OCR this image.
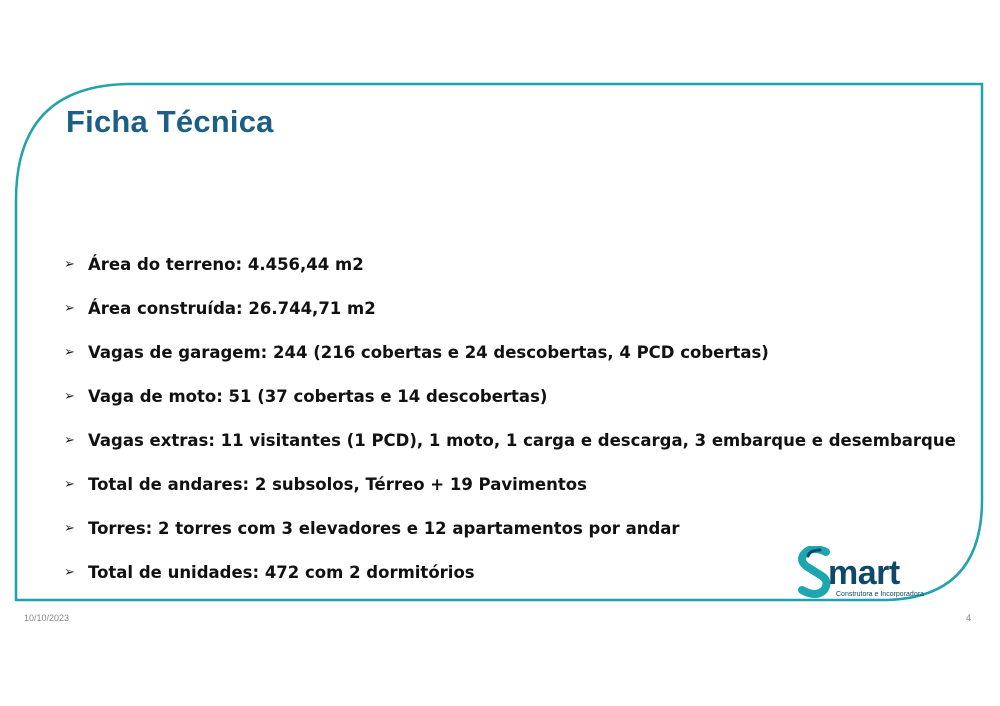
Ficha Técnica
➢ Área do terreno: 4.456,44 m2
➢ Área construída: 26.744,71 m2
➢ Vagas de garagem: 244 (216 cobertas e 24 descobertas, 4 PCD cobertas)
➢ Vaga de moto: 51 (37 cobertas e 14 descobertas)
➢ Vagas extras: 11 visitantes (1 PCD), 1 moto, 1 carga e descarga, 3 embarque e desembarque
➢ Total de andares: 2 subsolos, Térreo + 19 Pavimentos
➢ Torres: 2 torres com 3 elevadores e 12 apartamentos por andar
➢ Total de unidades: 472 com 2 dormitórios	mart
Construtora e Incorporadora
10/10/2023	4
